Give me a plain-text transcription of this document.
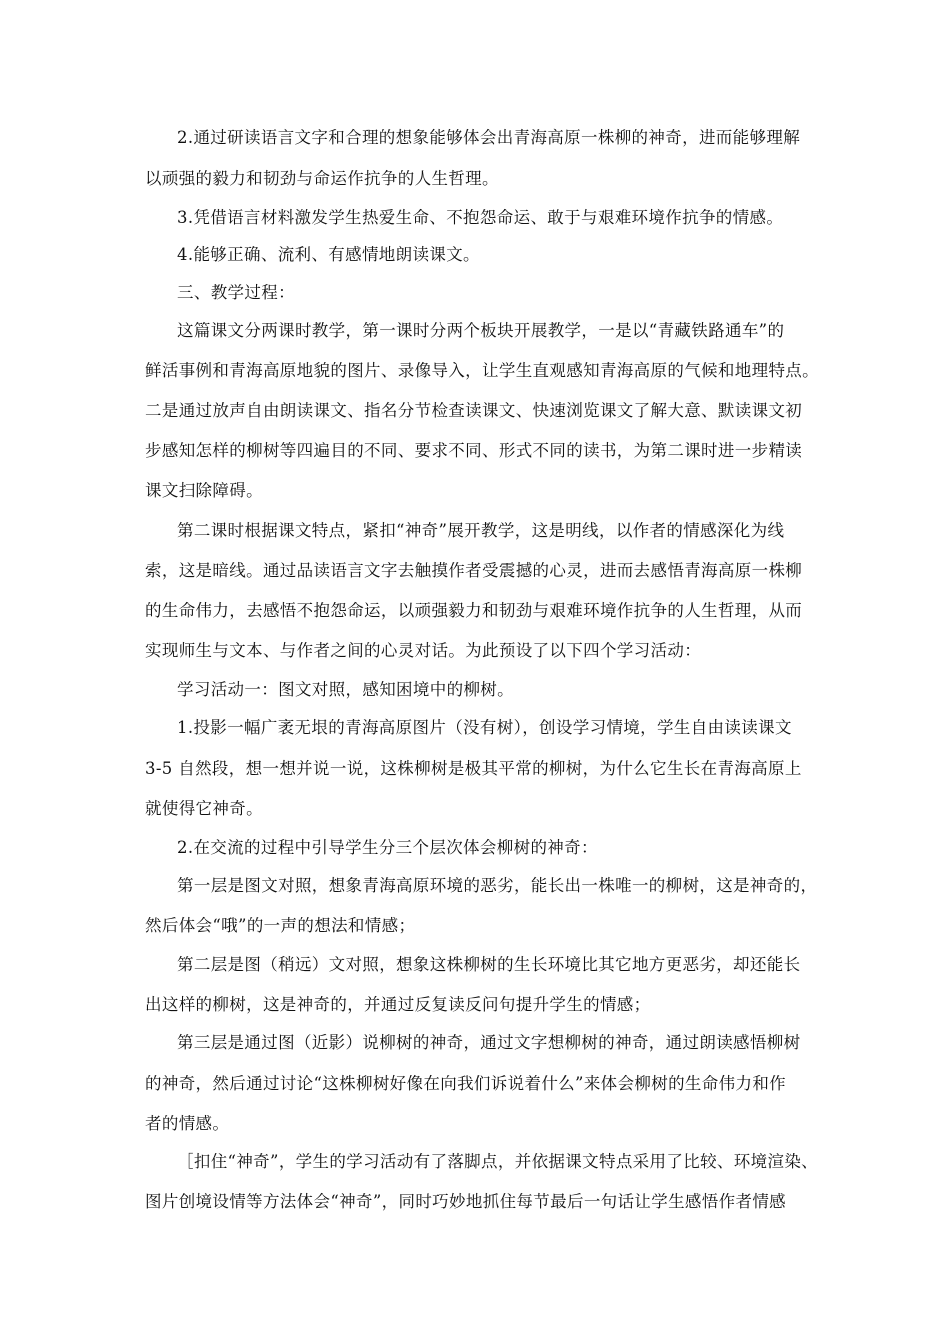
2.通过研读语言文字和合理的想象能够体会出青海高原一株柳的神奇，进而能够理解

以顽强的毅力和韧劲与命运作抗争的人生哲理。

3.凭借语言材料激发学生热爱生命、不抱怨命运、敢于与艰难环境作抗争的情感。

4.能够正确、流利、有感情地朗读课文。

三、教学过程：

这篇课文分两课时教学，第一课时分两个板块开展教学，一是以“青藏铁路通车”的

鲜活事例和青海高原地貌的图片、录像导入，让学生直观感知青海高原的气候和地理特点。

二是通过放声自由朗读课文、指名分节检查读课文、快速浏览课文了解大意、默读课文初

步感知怎样的柳树等四遍目的不同、要求不同、形式不同的读书，为第二课时进一步精读

课文扫除障碍。

第二课时根据课文特点，紧扣“神奇”展开教学，这是明线，以作者的情感深化为线

索，这是暗线。通过品读语言文字去触摸作者受震撼的心灵，进而去感悟青海高原一株柳

的生命伟力，去感悟不抱怨命运，以顽强毅力和韧劲与艰难环境作抗争的人生哲理，从而

实现师生与文本、与作者之间的心灵对话。为此预设了以下四个学习活动：

学习活动一：图文对照，感知困境中的柳树。

1.投影一幅广袤无垠的青海高原图片（没有树），创设学习情境，学生自由读读课文

3-5 自然段，想一想并说一说，这株柳树是极其平常的柳树，为什么它生长在青海高原上

就使得它神奇。

2.在交流的过程中引导学生分三个层次体会柳树的神奇：

第一层是图文对照，想象青海高原环境的恶劣，能长出一株唯一的柳树，这是神奇的，

然后体会“哦”的一声的想法和情感；

第二层是图（稍远）文对照，想象这株柳树的生长环境比其它地方更恶劣，却还能长

出这样的柳树，这是神奇的，并通过反复读反问句提升学生的情感；

第三层是通过图（近影）说柳树的神奇，通过文字想柳树的神奇，通过朗读感悟柳树

的神奇，然后通过讨论“这株柳树好像在向我们诉说着什么”来体会柳树的生命伟力和作

者的情感。

［扣住“神奇”，学生的学习活动有了落脚点，并依据课文特点采用了比较、环境渲染、

图片创境设情等方法体会“神奇”，同时巧妙地抓住每节最后一句话让学生感悟作者情感
